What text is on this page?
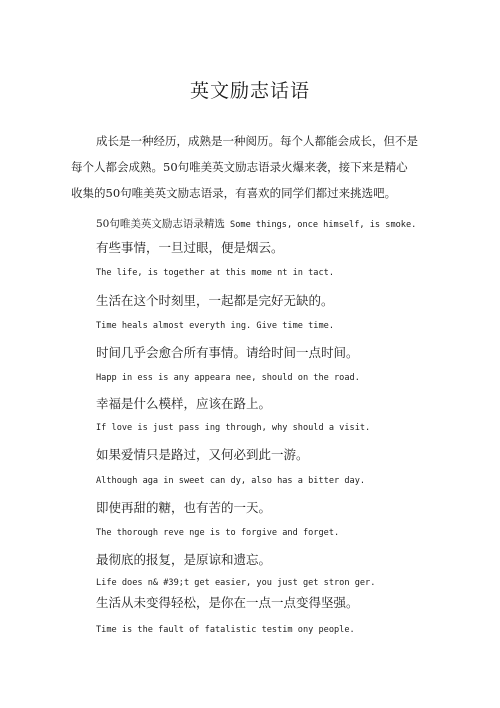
英文励志话语
成长是一种经历，成熟是一种阅历。每个人都能会成长，但不是
每个人都会成熟。50句唯美英文励志语录火爆来袭，接下来是精心
收集的50句唯美英文励志语录，有喜欢的同学们都过来挑选吧。
50句唯美英文励志语录精选 Some things, once himself, is smoke.
有些事情，一旦过眼，便是烟云。
The life, is together at this mome nt in tact.
生活在这个时刻里，一起都是完好无缺的。
Time heals almost everyth ing. Give time time.
时间几乎会愈合所有事情。请给时间一点时间。
Happ in ess is any appeara nee, should on the road.
幸福是什么模样，应该在路上。
If love is just pass ing through, why should a visit.
如果爱情只是路过，又何必到此一游。
Although aga in sweet can dy, also has a bitter day.
即使再甜的糖，也有苦的一天。
The thorough reve nge is to forgive and forget.
最彻底的报复，是原谅和遗忘。
Life does n& #39;t get easier, you just get stron ger.
生活从未变得轻松，是你在一点一点变得坚强。
Time is the fault of fatalistic testim ony people.
